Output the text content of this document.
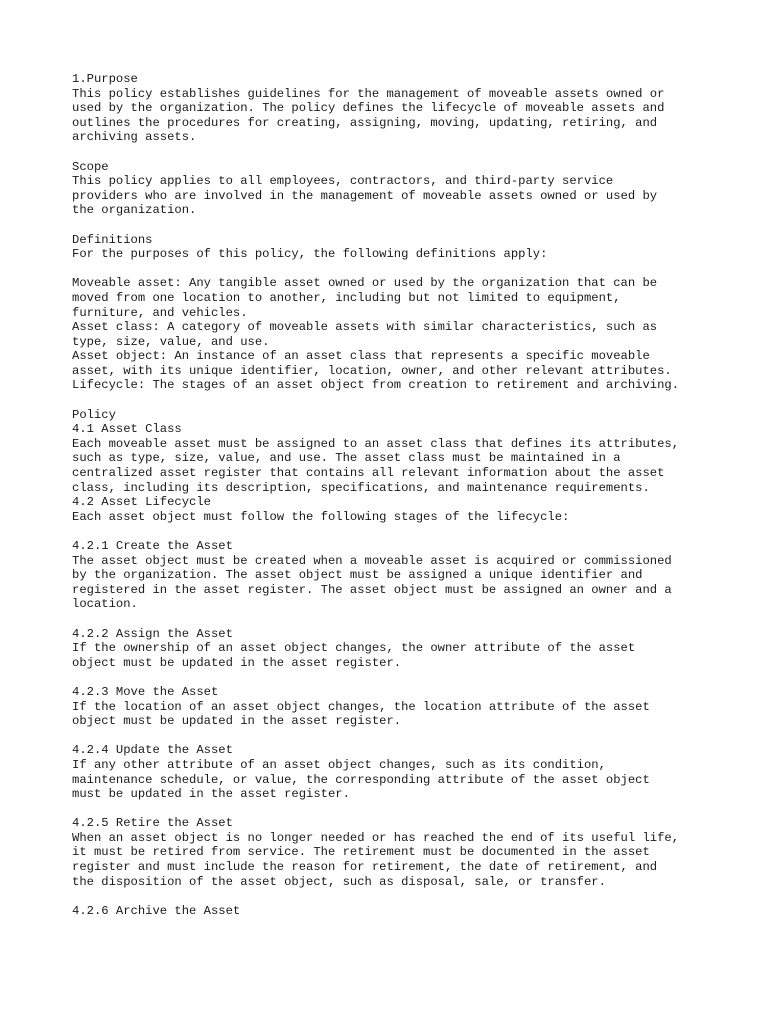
1.Purpose
This policy establishes guidelines for the management of moveable assets owned or
used by the organization. The policy defines the lifecycle of moveable assets and
outlines the procedures for creating, assigning, moving, updating, retiring, and
archiving assets.
Scope
This policy applies to all employees, contractors, and third-party service
providers who are involved in the management of moveable assets owned or used by
the organization.
Definitions
For the purposes of this policy, the following definitions apply:
Moveable asset: Any tangible asset owned or used by the organization that can be
moved from one location to another, including but not limited to equipment,
furniture, and vehicles.
Asset class: A category of moveable assets with similar characteristics, such as
type, size, value, and use.
Asset object: An instance of an asset class that represents a specific moveable
asset, with its unique identifier, location, owner, and other relevant attributes.
Lifecycle: The stages of an asset object from creation to retirement and archiving.
Policy
4.1 Asset Class
Each moveable asset must be assigned to an asset class that defines its attributes,
such as type, size, value, and use. The asset class must be maintained in a
centralized asset register that contains all relevant information about the asset
class, including its description, specifications, and maintenance requirements.
4.2 Asset Lifecycle
Each asset object must follow the following stages of the lifecycle:
4.2.1 Create the Asset
The asset object must be created when a moveable asset is acquired or commissioned
by the organization. The asset object must be assigned a unique identifier and
registered in the asset register. The asset object must be assigned an owner and a
location.
4.2.2 Assign the Asset
If the ownership of an asset object changes, the owner attribute of the asset
object must be updated in the asset register.
4.2.3 Move the Asset
If the location of an asset object changes, the location attribute of the asset
object must be updated in the asset register.
4.2.4 Update the Asset
If any other attribute of an asset object changes, such as its condition,
maintenance schedule, or value, the corresponding attribute of the asset object
must be updated in the asset register.
4.2.5 Retire the Asset
When an asset object is no longer needed or has reached the end of its useful life,
it must be retired from service. The retirement must be documented in the asset
register and must include the reason for retirement, the date of retirement, and
the disposition of the asset object, such as disposal, sale, or transfer.
4.2.6 Archive the Asset
